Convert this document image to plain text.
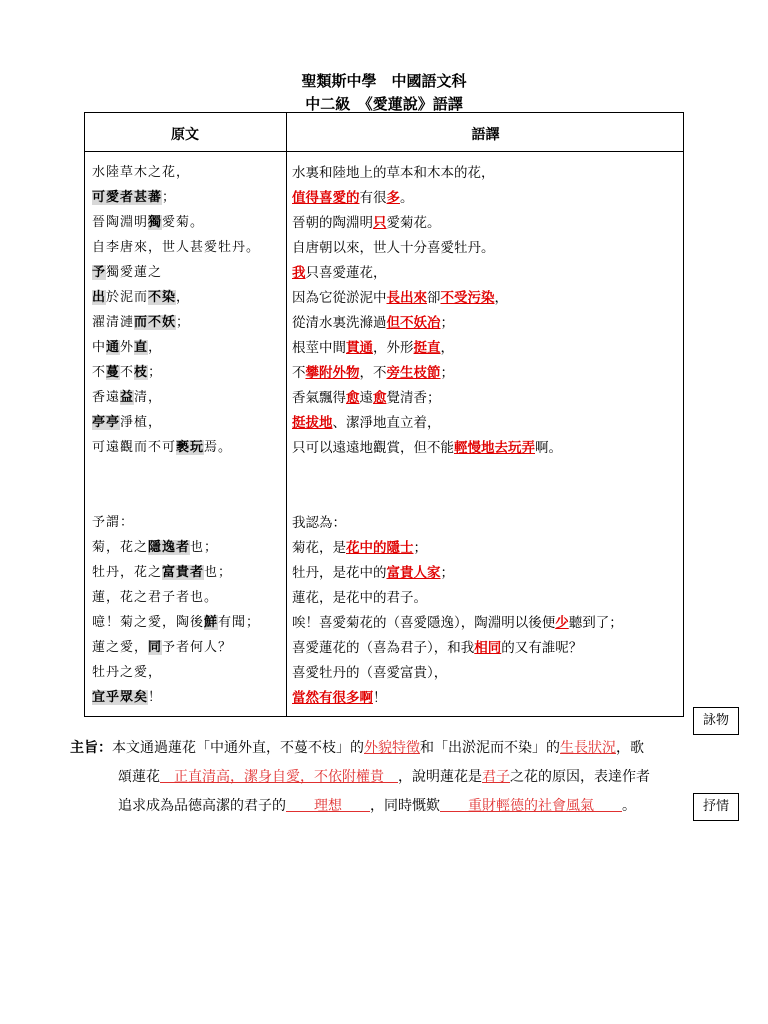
聖類斯中學　中國語文科
中二級　《愛蓮說》語譯
原文	語譯
水陸草木之花，
可愛者甚蕃；
晉陶淵明獨愛菊。
自李唐來，世人甚愛牡丹。
予獨愛蓮之
出於泥而不染，
濯清漣而不妖；
中通外直，
不蔓不枝；
香遠益清，
亭亭淨植，
可遠觀而不可褻玩焉。
予謂：
菊，花之隱逸者也；
牡丹，花之富貴者也；
蓮，花之君子者也。
噫！菊之愛，陶後鮮有聞；
蓮之愛，同予者何人？
牡丹之愛，
宜乎眾矣！
水裏和陸地上的草本和木本的花，
值得喜愛的有很多。
晉朝的陶淵明只愛菊花。
自唐朝以來，世人十分喜愛牡丹。
我只喜愛蓮花，
因為它從淤泥中長出來卻不受污染，
從清水裏洗滌過但不妖冶；
根莖中間貫通，外形挺直，
不攀附外物，不旁生枝節；
香氣飄得愈遠愈覺清香；
挺拔地、潔淨地直立着，
只可以遠遠地觀賞，但不能輕慢地去玩弄啊。
我認為：
菊花，是花中的隱士；
牡丹，是花中的富貴人家；
蓮花，是花中的君子。
唉！喜愛菊花的（喜愛隱逸），陶淵明以後便少聽到了；
喜愛蓮花的（喜為君子），和我相同的又有誰呢？
喜愛牡丹的（喜愛富貴），
當然有很多啊！
詠物
抒情
主旨：本文通過蓮花「中通外直，不蔓不枝」的外貌特徵和「出淤泥而不染」的生長狀況，歌
頌蓮花＿正直清高，潔身自愛，不依附權貴＿，說明蓮花是君子之花的原因，表達作者
追求成為品德高潔的君子的＿＿理想＿＿，同時慨歎＿＿重財輕德的社會風氣＿＿。
